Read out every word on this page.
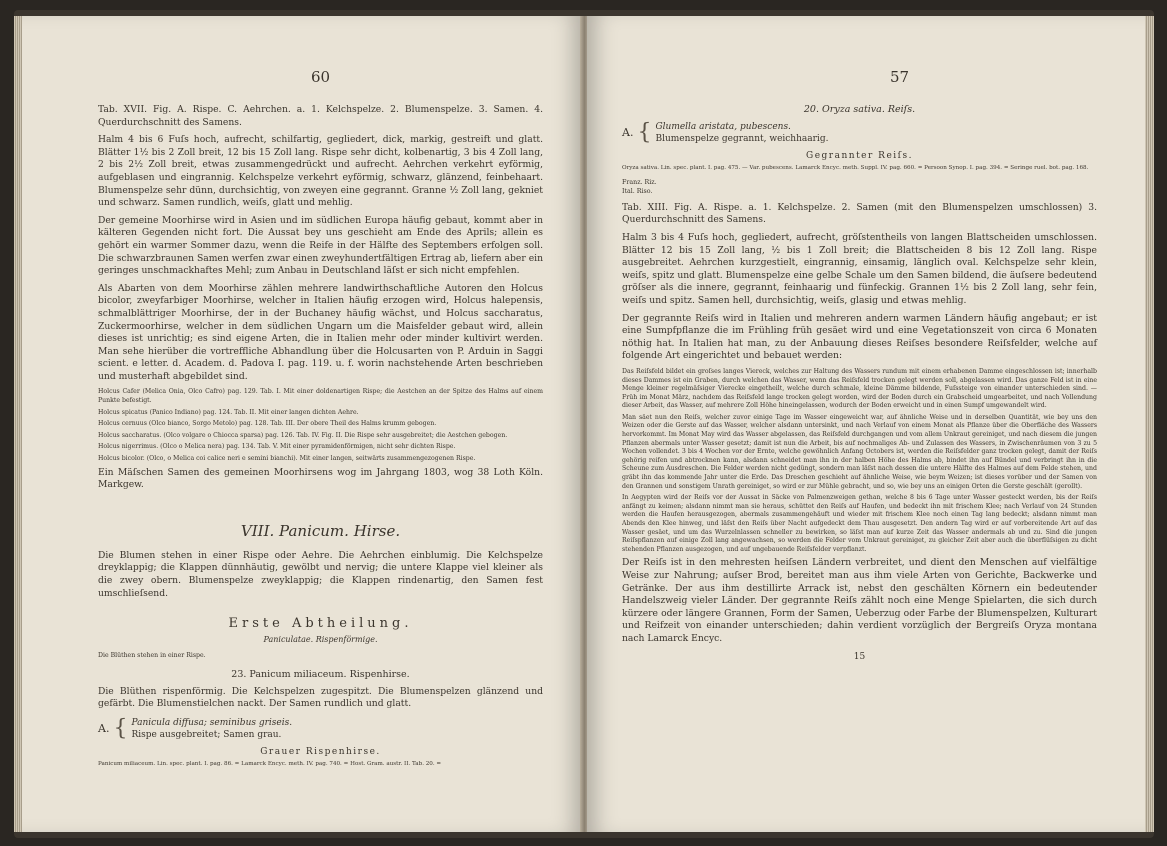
60

Tab. XVII. Fig. A. Rispe. C. Aehrchen. a. 1. Kelchspelze. 2. Blumenspelze. 3. Samen. 4. Querdurchschnitt des Samens.

Halm 4 bis 6 Fuſs hoch, aufrecht, schilfartig, gegliedert, dick, markig, gestreift und glatt. Blätter 1½ bis 2 Zoll breit, 12 bis 15 Zoll lang. Rispe sehr dicht, kolbenartig, 3 bis 4 Zoll lang, 2 bis 2½ Zoll breit, etwas zusammengedrückt und aufrecht. Aehrchen verkehrt eyförmig, aufgeblasen und eingrannig. Kelchspelze verkehrt eyförmig, schwarz, glänzend, feinbehaart. Blumenspelze sehr dünn, durchsichtig, von zweyen eine gegrannt. Granne ½ Zoll lang, gekniet und schwarz. Samen rundlich, weiſs, glatt und mehlig.

Der gemeine Moorhirse wird in Asien und im südlichen Europa häufig gebaut, kommt aber in kälteren Gegenden nicht fort. Die Aussat bey uns geschieht am Ende des Aprils; allein es gehört ein warmer Sommer dazu, wenn die Reife in der Hälfte des Septembers erfolgen soll. Die schwarzbraunen Samen werfen zwar einen zweyhundertfältigen Ertrag ab, liefern aber ein geringes unschmackhaftes Mehl; zum Anbau in Deutschland läſst er sich nicht empfehlen.

Als Abarten von dem Moorhirse zählen mehrere landwirthschaftliche Autoren den Holcus bicolor, zweyfarbiger Moorhirse, welcher in Italien häufig erzogen wird, Holcus halepensis, schmalblättriger Moorhirse, der in der Buchaney häufig wächst, und Holcus saccharatus, Zuckermoorhirse, welcher in dem südlichen Ungarn um die Maisfelder gebaut wird, allein dieses ist unrichtig; es sind eigene Arten, die in Italien mehr oder minder kultivirt werden. Man sehe hierüber die vortreffliche Abhandlung über die Holcusarten von P. Arduin in Saggi scient. e letter. d. Academ. d. Padova I. pag. 119. u. f. worin nachstehende Arten beschrieben und musterhaft abgebildet sind.

Holcus Cafer (Melica Onia, Olco Cafro) pag. 129. Tab. I. Mit einer doldenartigen Rispe; die Aestchen an der Spitze des Halms auf einem Punkte befestigt.

Holcus spicatus (Panico Indiano) pag. 124. Tab. II. Mit einer langen dichten Aehre.

Holcus cernuus (Olco bianco, Sorgo Metolo) pag. 128. Tab. III. Der obere Theil des Halms krumm gebogen.

Holcus saccharatus. (Olco volgare o Chiocca sparsa) pag. 126. Tab. IV. Fig. II. Die Rispe sehr ausgebreitet; die Aestchen gebogen.

Holcus nigerrimus. (Olco o Melica nera) pag. 134. Tab. V. Mit einer pyramidenförmigen, nicht sehr dichten Rispe.

Holcus bicolor. (Olco, o Melica coi calice neri e semini bianchi). Mit einer langen, seitwärts zusammengezogenen Rispe.

Ein Mäſschen Samen des gemeinen Moorhirsens wog im Jahrgang 1803, wog 38 Loth Köln. Markgew.

VIII. Panicum. Hirse.

Die Blumen stehen in einer Rispe oder Aehre. Die Aehrchen einblumig. Die Kelchspelze dreyklappig; die Klappen dünnhäutig, gewölbt und nervig; die untere Klappe viel kleiner als die zwey obern. Blumenspelze zweyklappig; die Klappen rindenartig, den Samen fest umschlieſsend.

Erste Abtheilung.
Paniculatae. Rispenförmige.

Die Blüthen stehen in einer Rispe.

23. Panicum miliaceum. Rispenhirse.

Die Blüthen rispenförmig. Die Kelchspelzen zugespitzt. Die Blumenspelzen glänzend und gefärbt. Die Blumenstielchen nackt. Der Samen rundlich und glatt.

A. { Panicula diffusa; seminibus griseis.
Rispe ausgebreitet; Samen grau.
Grauer Rispenhirse.

Panicum miliaceum. Lin. spec. plant. I. pag. 86. = Lamarck Encyc. meth. IV. pag. 740. = Host. Gram. austr. II. Tab. 20. =

57
20. Oryza sativa. Reiſs.
A. { Glumella aristata, pubescens.
Blumenspelze gegrannt, weichhaarig.
Gegrannter Reiſs.

Oryza sativa. Lin. spec. plant. I. pag. 475. — Var. pubescens. Lamarck Encyc. meth. Suppl. IV. pag. 660. = Persoon Synop. I. pag. 394. = Seringe ruel. bot. pag. 168.

Franz. Riz.
Ital. Riso.

Tab. XIII. Fig. A. Rispe. a. 1. Kelchspelze. 2. Samen (mit den Blumenspelzen umschlossen) 3. Querdurchschnitt des Samens.

Halm 3 bis 4 Fuſs hoch, gegliedert, aufrecht, gröſstentheils von langen Blattscheiden umschlossen. Blätter 12 bis 15 Zoll lang, ½ bis 1 Zoll breit; die Blattscheiden 8 bis 12 Zoll lang. Rispe ausgebreitet. Aehrchen kurzgestielt, eingrannig, einsamig, länglich oval. Kelchspelze sehr klein, weiſs, spitz und glatt. Blumenspelze eine gelbe Schale um den Samen bildend, die äuſsere bedeutend gröſser als die innere, gegrannt, feinhaarig und fünfeckig. Grannen 1½ bis 2 Zoll lang, sehr fein, weiſs und spitz. Samen hell, durchsichtig, weiſs, glasig und etwas mehlig.

Der gegrannte Reiſs wird in Italien und mehreren andern warmen Ländern häufig angebaut; er ist eine Sumpfpflanze die im Frühling früh gesäet wird und eine Vegetationszeit von circa 6 Monaten nöthig hat. In Italien hat man, zu der Anbauung dieses Reiſses besondere Reiſsfelder, welche auf folgende Art eingerichtet und bebauet werden:

Das Reiſsfeld bildet ein groſses langes Viereck, welches zur Haltung des Wassers rundum mit einem erhabenen Damme eingeschlossen ist; innerhalb dieses Dammes ist ein Graben, durch welchen das Wasser, wenn das Reiſsfeld trocken gelegt werden soll, abgelassen wird. Das ganze Feld ist in eine Menge kleiner regelmäſsiger Vierecke eingetheilt, welche durch schmale, kleine Dämme bildende, Fuſssteige von einander unterschieden sind. — Früh im Monat März, nachdem das Reiſsfeld lange trocken gelegt worden, wird der Boden durch ein Grabscheid umgearbeitet, und nach Vollendung dieser Arbeit, das Wasser, auf mehrere Zoll Höhe hineingelassen, wodurch der Boden erweicht und in einen Sumpf umgewandelt wird.

Man säet nun den Reiſs, welcher zuvor einige Tage im Wasser eingeweicht war, auf ähnliche Weise und in derselben Quantität, wie bey uns den Weizen oder die Gerste auf das Wasser, welcher alsdann untersinkt, und nach Verlauf von einem Monat als Pflanze über die Oberfläche des Wassers hervorkommt. Im Monat May wird das Wasser abgelassen, das Reiſsfeld durchgangen und vom allem Unkraut gereiniget, und nach diesem die jungen Pflanzen abermals unter Wasser gesetzt; damit ist nun die Arbeit, bis auf nochmaliges Ab- und Zulassen des Wassers, in Zwischenräumen von 3 zu 5 Wochen vollendet. 3 bis 4 Wochen vor der Ernte, welche gewöhnlich Anfang Octobers ist, werden die Reiſsfelder ganz trocken gelegt, damit der Reiſs gehörig reifen und abtrocknen kann, alsdann schneidet man ihn in der halben Höhe des Halms ab, bindet ihn auf Bündel und verbringt ihn in die Scheune zum Ausdreschen. Die Felder werden nicht gedüngt, sondern man läſst nach dessen die untere Hälfte des Halmes auf dem Felde stehen, und gräbt ihn das kommende Jahr unter die Erde. Das Dreschen geschieht auf ähnliche Weise, wie beym Weizen; ist dieses vorüber und der Samen von den Grannen und sonstigem Unrath gereiniget, so wird er zur Mühle gebracht, und so, wie bey uns an einigen Orten die Gerste geschält (gerollt).

In Aegypten wird der Reiſs vor der Aussat in Säcke von Palmenzweigen gethan, welche 8 bis 6 Tage unter Wasser gesteckt werden, bis der Reiſs anfängt zu keimen; alsdann nimmt man sie heraus, schüttet den Reiſs auf Haufen, und bedeckt ihn mit frischem Klee; nach Verlauf von 24 Stunden werden die Haufen herausgezogen, abermals zusammengehäuft und wieder mit frischem Klee noch einen Tag lang bedeckt; alsdann nimmt man Abends den Klee hinweg, und läſst den Reiſs über Nacht aufgedeckt dem Thau ausgesetzt. Den andern Tag wird er auf vorbereitende Art auf das Wasser gesäet, und um das Wurzelnlassen schneller zu bewirken, so läſst man auf kurze Zeit das Wasser andermals ab und zu. Sind die jungen Reiſspflanzen auf einige Zoll lang angewachsen, so werden die Felder vom Unkraut gereiniget, zu gleicher Zeit aber auch die überflüſsigen zu dicht stehenden Pflanzen ausgezogen, und auf ungebauende Reiſsfelder verpflanzt.

Der Reiſs ist in den mehresten heiſsen Ländern verbreitet, und dient den Menschen auf vielfältige Weise zur Nahrung; auſser Brod, bereitet man aus ihm viele Arten von Gerichte, Backwerke und Getränke. Der aus ihm destillirte Arrack ist, nebst den geschälten Körnern ein bedeutender Handelszweig vieler Länder. Der gegrannte Reiſs zählt noch eine Menge Spielarten, die sich durch kürzere oder längere Grannen, Form der Samen, Ueberzug oder Farbe der Blumenspelzen, Kulturart und Reifzeit von einander unterschieden; dahin verdient vorzüglich der Bergreiſs Oryza montana nach Lamarck Encyc.

15
